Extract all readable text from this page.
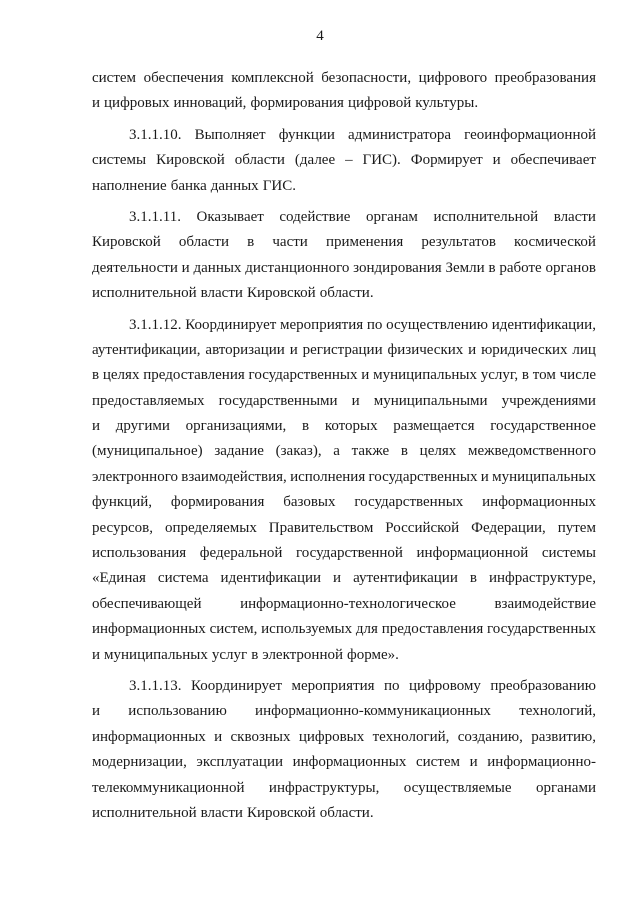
4
систем обеспечения комплексной безопасности, цифрового преобразования
и цифровых инноваций, формирования цифровой культуры.
3.1.1.10. Выполняет функции администратора геоинформационной
системы Кировской области (далее – ГИС). Формирует и обеспечивает
наполнение банка данных ГИС.
3.1.1.11. Оказывает содействие органам исполнительной власти
Кировской области в части применения результатов космической
деятельности и данных дистанционного зондирования Земли в работе органов
исполнительной власти Кировской области.
3.1.1.12. Координирует мероприятия по осуществлению идентификации,
аутентификации, авторизации и регистрации физических и юридических лиц
в целях предоставления государственных и муниципальных услуг, в том числе
предоставляемых государственными и муниципальными учреждениями
и другими организациями, в которых размещается государственное
(муниципальное) задание (заказ), а также в целях межведомственного
электронного взаимодействия, исполнения государственных и муниципальных
функций, формирования базовых государственных информационных
ресурсов, определяемых Правительством Российской Федерации, путем
использования федеральной государственной информационной системы
«Единая система идентификации и аутентификации в инфраструктуре,
обеспечивающей	информационно-технологическое	взаимодействие
информационных систем, используемых для предоставления государственных
и муниципальных услуг в электронной форме».
3.1.1.13. Координирует мероприятия по цифровому преобразованию
и использованию информационно-коммуникационных технологий,
информационных и сквозных цифровых технологий, созданию, развитию,
модернизации, эксплуатации информационных систем и информационно-
телекоммуникационной инфраструктуры, осуществляемые органами
исполнительной власти Кировской области.
